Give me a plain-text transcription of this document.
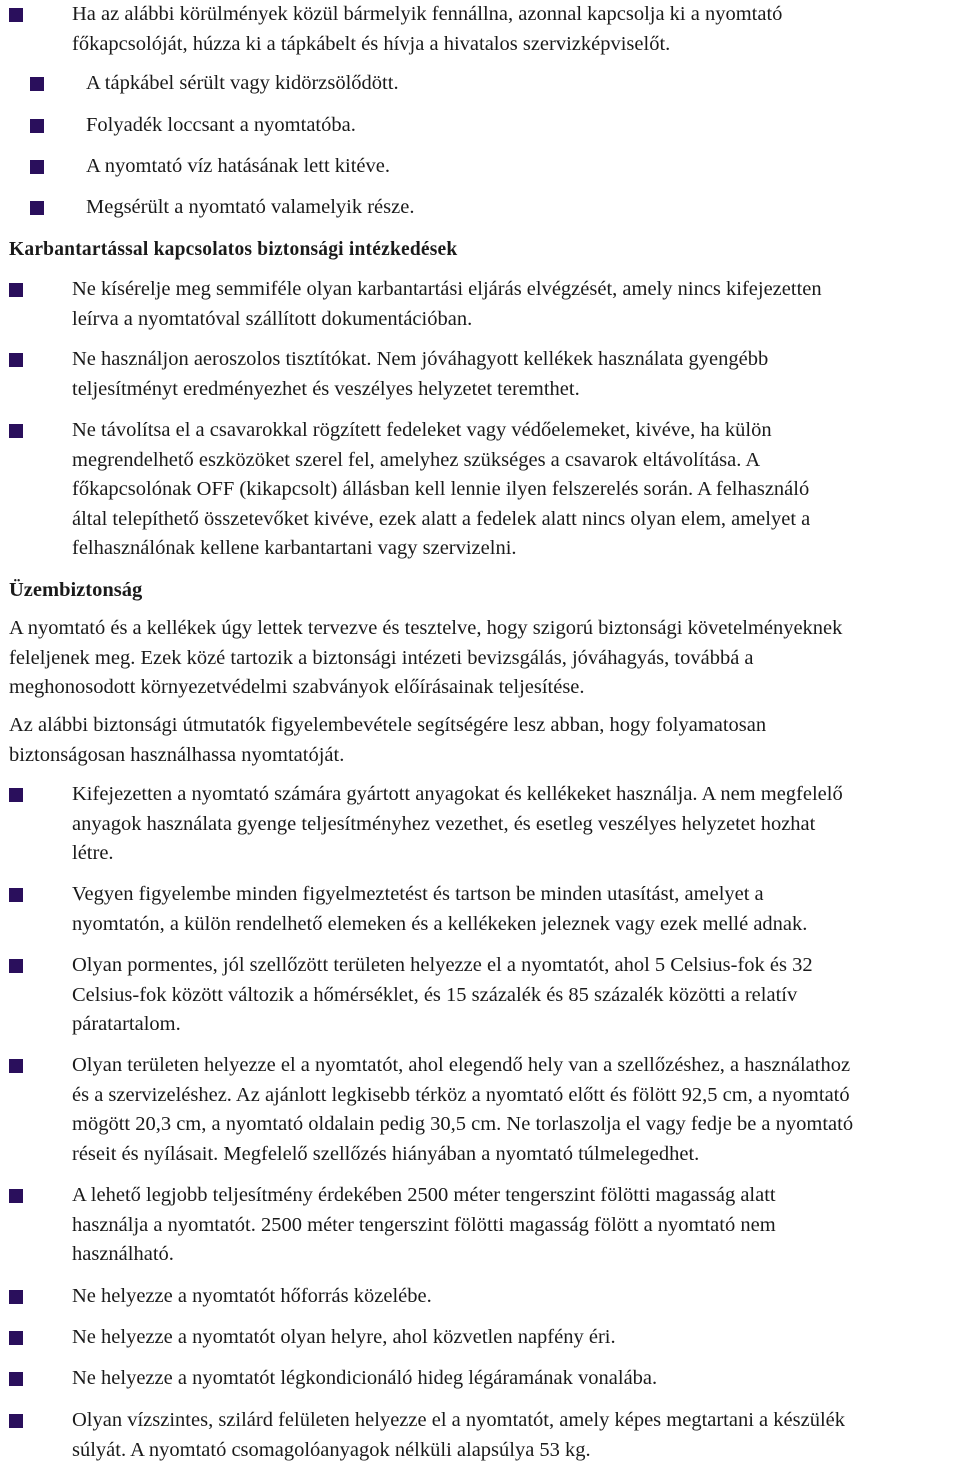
Ha az alábbi körülmények közül bármelyik fennállna, azonnal kapcsolja ki a nyomtató
főkapcsolóját, húzza ki a tápkábelt és hívja a hivatalos szervizképviselőt.
A tápkábel sérült vagy kidörzsölődött.
Folyadék loccsant a nyomtatóba.
A nyomtató víz hatásának lett kitéve.
Megsérült a nyomtató valamelyik része.
Karbantartással kapcsolatos biztonsági intézkedések
Ne kísérelje meg semmiféle olyan karbantartási eljárás elvégzését, amely nincs kifejezetten
leírva a nyomtatóval szállított dokumentációban.
Ne használjon aeroszolos tisztítókat. Nem jóváhagyott kellékek használata gyengébb
teljesítményt eredményezhet és veszélyes helyzetet teremthet.
Ne távolítsa el a csavarokkal rögzített fedeleket vagy védőelemeket, kivéve, ha külön
megrendelhető eszközöket szerel fel, amelyhez szükséges a csavarok eltávolítása. A
főkapcsolónak OFF (kikapcsolt) állásban kell lennie ilyen felszerelés során. A felhasználó
által telepíthető összetevőket kivéve, ezek alatt a fedelek alatt nincs olyan elem, amelyet a
felhasználónak kellene karbantartani vagy szervizelni.
Üzembiztonság
A nyomtató és a kellékek úgy lettek tervezve és tesztelve, hogy szigorú biztonsági követelményeknek
feleljenek meg. Ezek közé tartozik a biztonsági intézeti bevizsgálás, jóváhagyás, továbbá a
meghonosodott környezetvédelmi szabványok előírásainak teljesítése.
Az alábbi biztonsági útmutatók figyelembevétele segítségére lesz abban, hogy folyamatosan
biztonságosan használhassa nyomtatóját.
Kifejezetten a nyomtató számára gyártott anyagokat és kellékeket használja. A nem megfelelő
anyagok használata gyenge teljesítményhez vezethet, és esetleg veszélyes helyzetet hozhat
létre.
Vegyen figyelembe minden figyelmeztetést és tartson be minden utasítást, amelyet a
nyomtatón, a külön rendelhető elemeken és a kellékeken jeleznek vagy ezek mellé adnak.
Olyan pormentes, jól szellőzött területen helyezze el a nyomtatót, ahol 5 Celsius-fok és 32
Celsius-fok között változik a hőmérséklet, és 15 százalék és 85 százalék közötti a relatív
páratartalom.
Olyan területen helyezze el a nyomtatót, ahol elegendő hely van a szellőzéshez, a használathoz
és a szervizeléshez. Az ajánlott legkisebb térköz a nyomtató előtt és fölött 92,5 cm, a nyomtató
mögött 20,3 cm, a nyomtató oldalain pedig 30,5 cm. Ne torlaszolja el vagy fedje be a nyomtató
réseit és nyílásait. Megfelelő szellőzés hiányában a nyomtató túlmelegedhet.
A lehető legjobb teljesítmény érdekében 2500 méter tengerszint fölötti magasság alatt
használja a nyomtatót. 2500 méter tengerszint fölötti magasság fölött a nyomtató nem
használható.
Ne helyezze a nyomtatót hőforrás közelébe.
Ne helyezze a nyomtatót olyan helyre, ahol közvetlen napfény éri.
Ne helyezze a nyomtatót légkondicionáló hideg légáramának vonalába.
Olyan vízszintes, szilárd felületen helyezze el a nyomtatót, amely képes megtartani a készülék
súlyát. A nyomtató csomagolóanyagok nélküli alapsúlya 53 kg.
